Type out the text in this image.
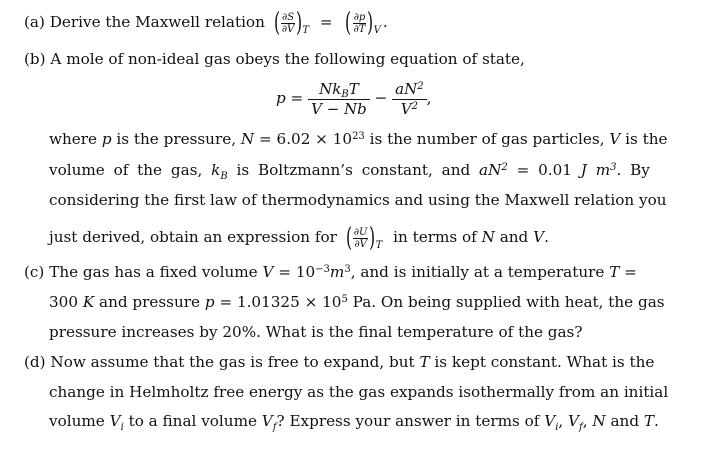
(a) Derive the Maxwell relation ( $\frac{\partial S}{\partial V}$ ) T = ( $\frac{\partial p}{\partial T}$ ) V .
(b) A mole of non-ideal gas obeys the following equation of state,
$p = \frac{Nk_BT}{V - Nb} - \frac{aN^2}{V^2}$ ,
where p is the pressure, $N = 6.02 \times 10^{23}$ is the number of gas particles, V is the
volume of the gas, $k_B$ is Boltzmann’s constant, and $aN^2 = 0.01$ J $m^3$. By
considering the first law of thermodynamics and using the Maxwell relation you
just derived, obtain an expression for ( $\frac{\partial U}{\partial V}$ ) T in terms of N and V.
(c) The gas has a fixed volume $V = 10^{-3}m^3$, and is initially at a temperature T =
300 K and pressure $p = 1.01325 \times 10^5$ Pa. On being supplied with heat, the gas
pressure increases by 20%. What is the final temperature of the gas?
(d) Now assume that the gas is free to expand, but T is kept constant. What is the
change in Helmholtz free energy as the gas expands isothermally from an initial
volume $V_i$ to a final volume $V_f$? Express your answer in terms of $V_i$, $V_f$, N and T.
